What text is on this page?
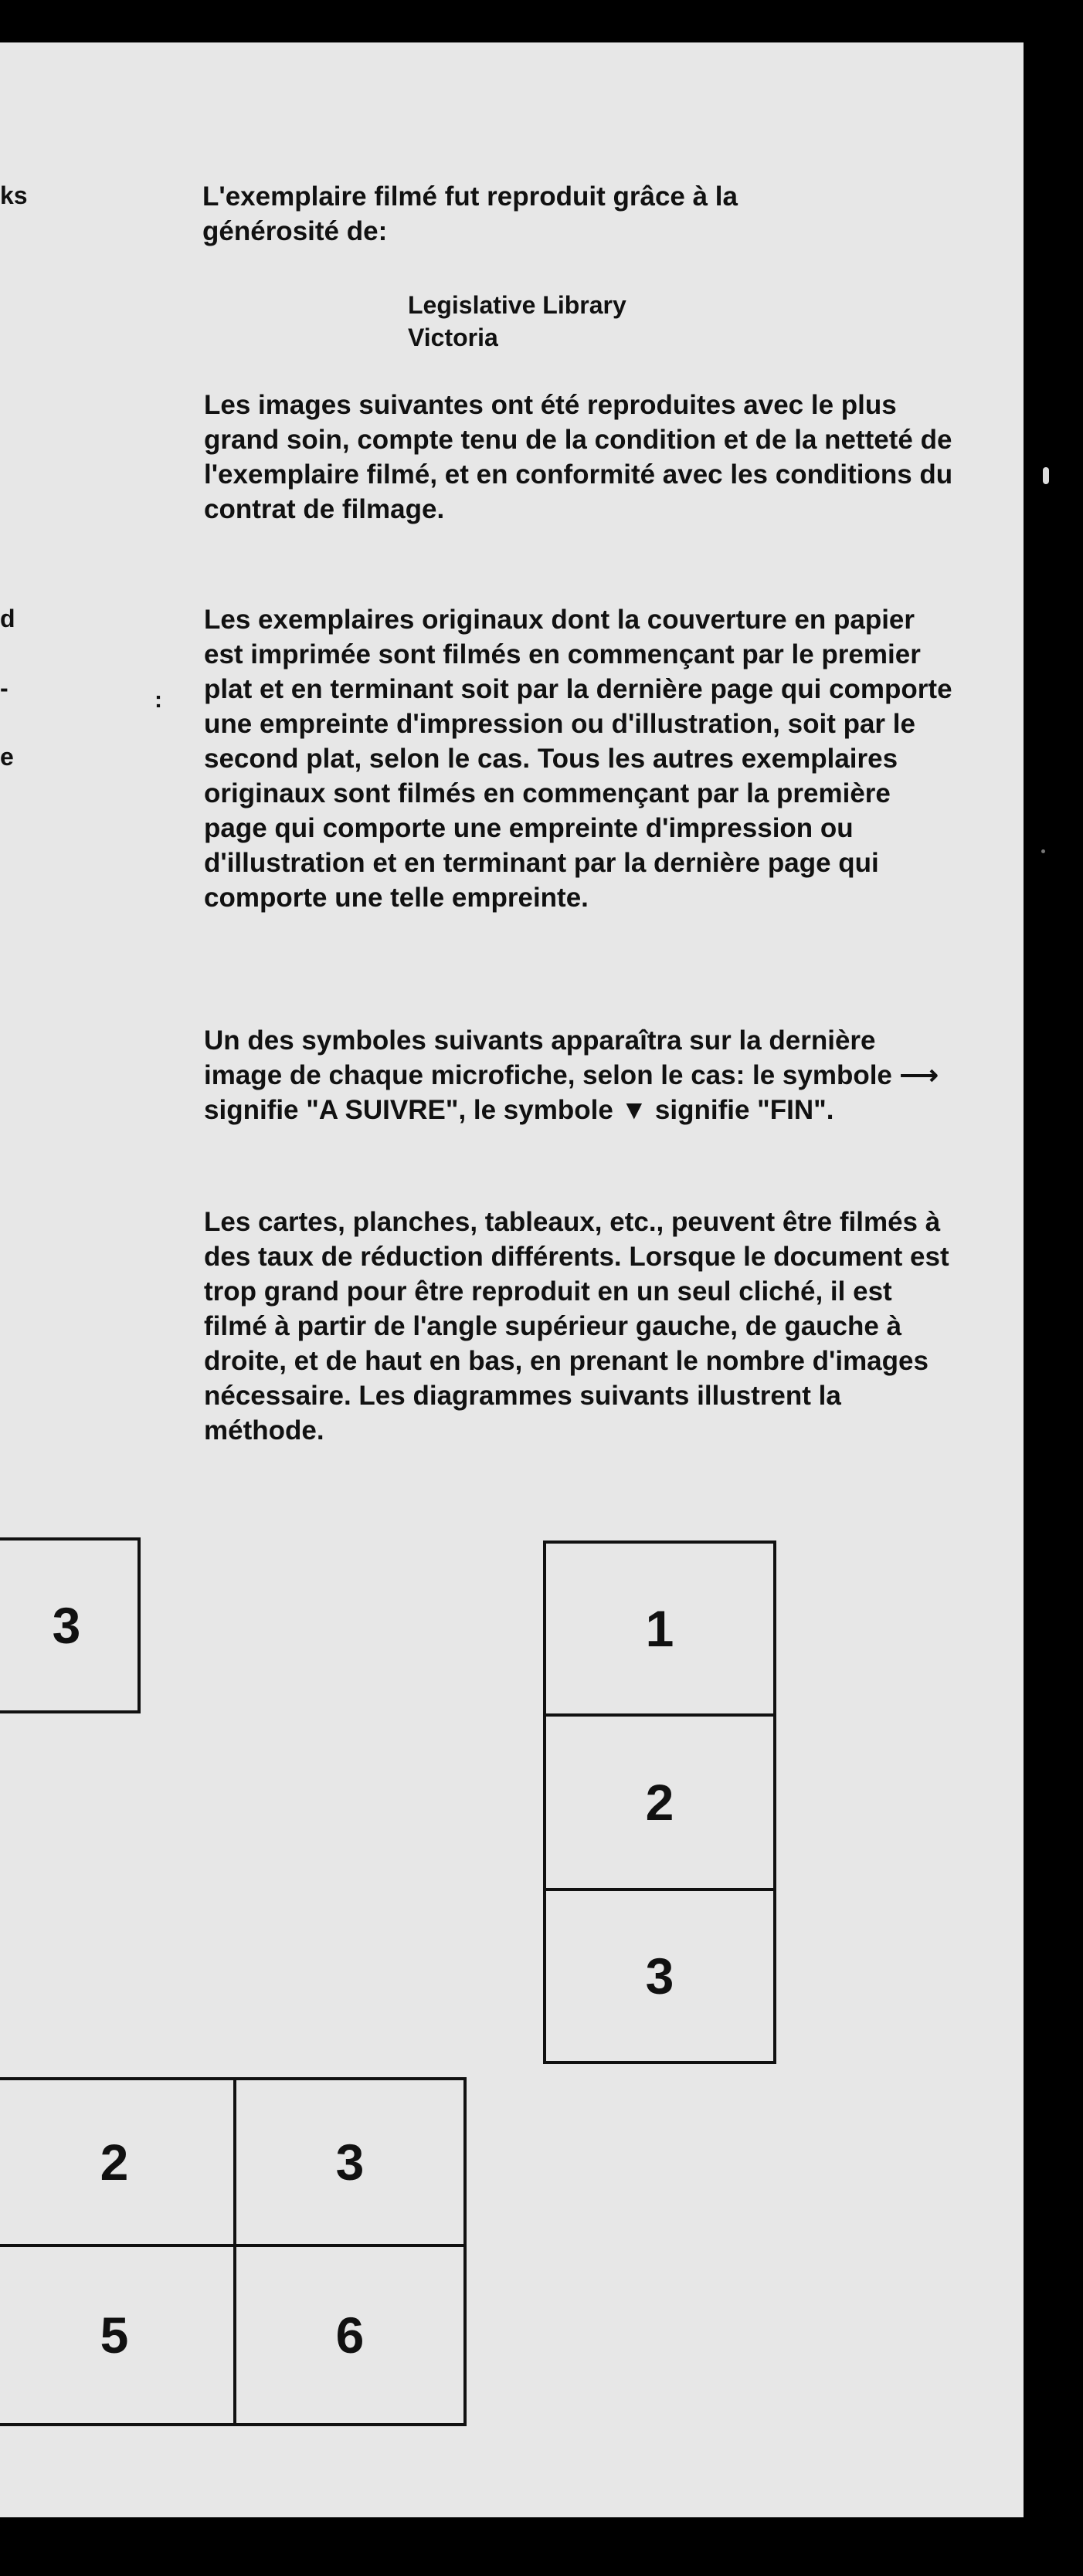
ks
d
-
e
L'exemplaire filmé fut reproduit grâce à la
générosité de:
Legislative Library
Victoria

Les images suivantes ont été reproduites avec le plus grand soin, compte tenu de la condition et de la netteté de l'exemplaire filmé, et en conformité avec les conditions du contrat de filmage.

Les exemplaires originaux dont la couverture en papier est imprimée sont filmés en commençant par le premier plat et en terminant soit par la dernière page qui comporte une empreinte d'impression ou d'illustration, soit par le second plat, selon le cas. Tous les autres exemplaires originaux sont filmés en commençant par la première page qui comporte une empreinte d'impression ou d'illustration et en terminant par la dernière page qui comporte une telle empreinte.

Un des symboles suivants apparaîtra sur la dernière image de chaque microfiche, selon le cas: le symbole ⟶ signifie "A SUIVRE", le symbole ▼ signifie "FIN".

Les cartes, planches, tableaux, etc., peuvent être filmés à des taux de réduction différents. Lorsque le document est trop grand pour être reproduit en un seul cliché, il est filmé à partir de l'angle supérieur gauche, de gauche à droite, et de haut en bas, en prenant le nombre d'images nécessaire. Les diagrammes suivants illustrent la méthode.

:
3	1
2
3
2	3
5	6
